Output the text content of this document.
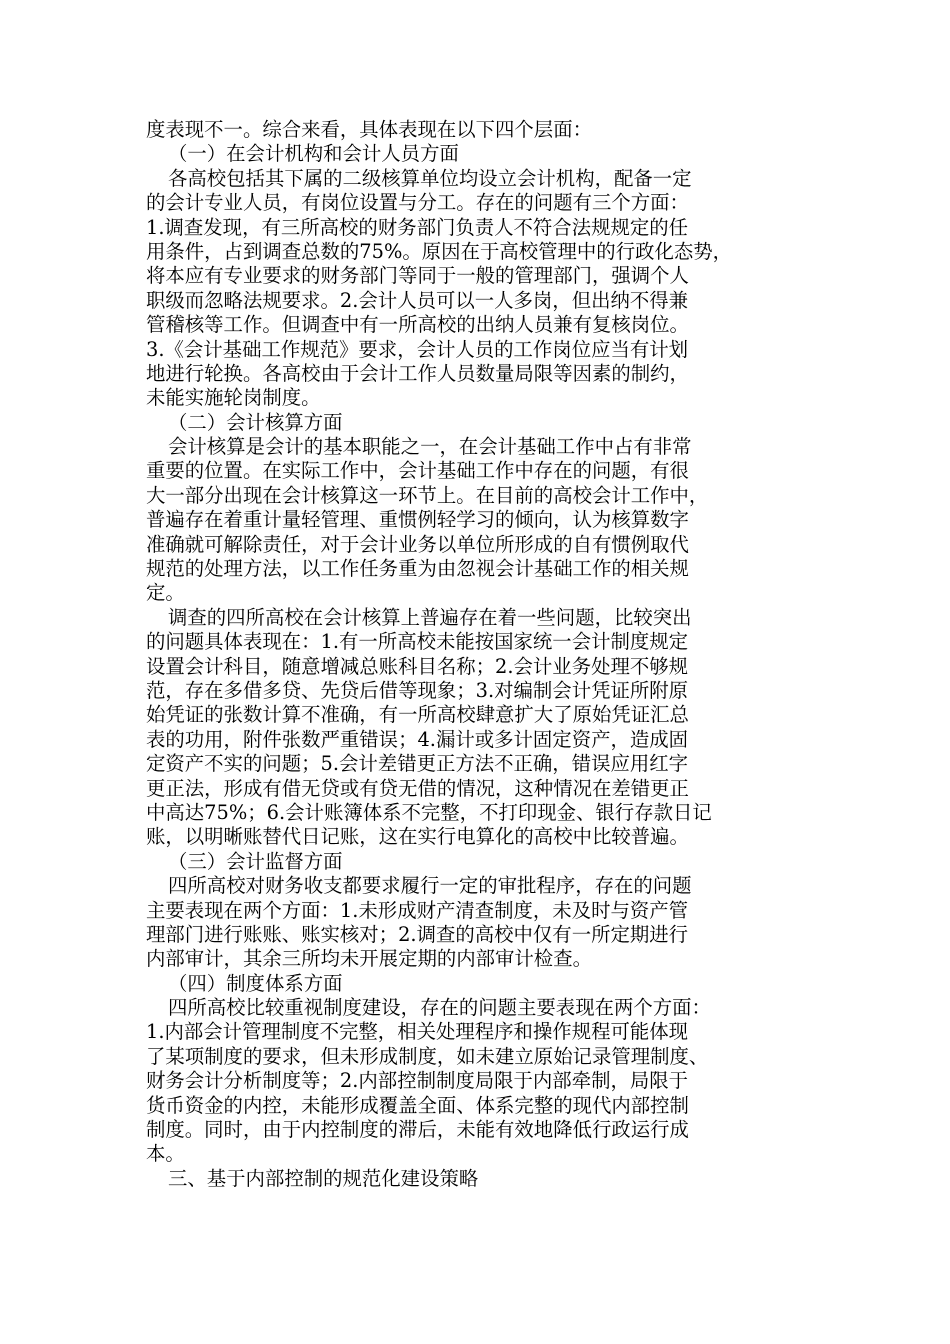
度表现不一。综合来看，具体表现在以下四个层面：
（一）在会计机构和会计人员方面
各高校包括其下属的二级核算单位均设立会计机构，配备一定
的会计专业人员，有岗位设置与分工。存在的问题有三个方面：
1.调查发现，有三所高校的财务部门负责人不符合法规规定的任
用条件，占到调查总数的75%。原因在于高校管理中的行政化态势，
将本应有专业要求的财务部门等同于一般的管理部门，强调个人
职级而忽略法规要求。2.会计人员可以一人多岗，但出纳不得兼
管稽核等工作。但调查中有一所高校的出纳人员兼有复核岗位。
3.《会计基础工作规范》要求，会计人员的工作岗位应当有计划
地进行轮换。各高校由于会计工作人员数量局限等因素的制约，
未能实施轮岗制度。
（二）会计核算方面
会计核算是会计的基本职能之一，在会计基础工作中占有非常
重要的位置。在实际工作中，会计基础工作中存在的问题，有很
大一部分出现在会计核算这一环节上。在目前的高校会计工作中，
普遍存在着重计量轻管理、重惯例轻学习的倾向，认为核算数字
准确就可解除责任，对于会计业务以单位所形成的自有惯例取代
规范的处理方法，以工作任务重为由忽视会计基础工作的相关规
定。
调查的四所高校在会计核算上普遍存在着一些问题，比较突出
的问题具体表现在：1.有一所高校未能按国家统一会计制度规定
设置会计科目，随意增减总账科目名称；2.会计业务处理不够规
范，存在多借多贷、先贷后借等现象；3.对编制会计凭证所附原
始凭证的张数计算不准确，有一所高校肆意扩大了原始凭证汇总
表的功用，附件张数严重错误；4.漏计或多计固定资产，造成固
定资产不实的问题；5.会计差错更正方法不正确，错误应用红字
更正法，形成有借无贷或有贷无借的情况，这种情况在差错更正
中高达75%；6.会计账簿体系不完整，不打印现金、银行存款日记
账，以明晰账替代日记账，这在实行电算化的高校中比较普遍。
（三）会计监督方面
四所高校对财务收支都要求履行一定的审批程序，存在的问题
主要表现在两个方面：1.未形成财产清查制度，未及时与资产管
理部门进行账账、账实核对；2.调查的高校中仅有一所定期进行
内部审计，其余三所均未开展定期的内部审计检查。
（四）制度体系方面
四所高校比较重视制度建设，存在的问题主要表现在两个方面：
1.内部会计管理制度不完整，相关处理程序和操作规程可能体现
了某项制度的要求，但未形成制度，如未建立原始记录管理制度、
财务会计分析制度等；2.内部控制制度局限于内部牵制，局限于
货币资金的内控，未能形成覆盖全面、体系完整的现代内部控制
制度。同时，由于内控制度的滞后，未能有效地降低行政运行成
本。
三、基于内部控制的规范化建设策略
